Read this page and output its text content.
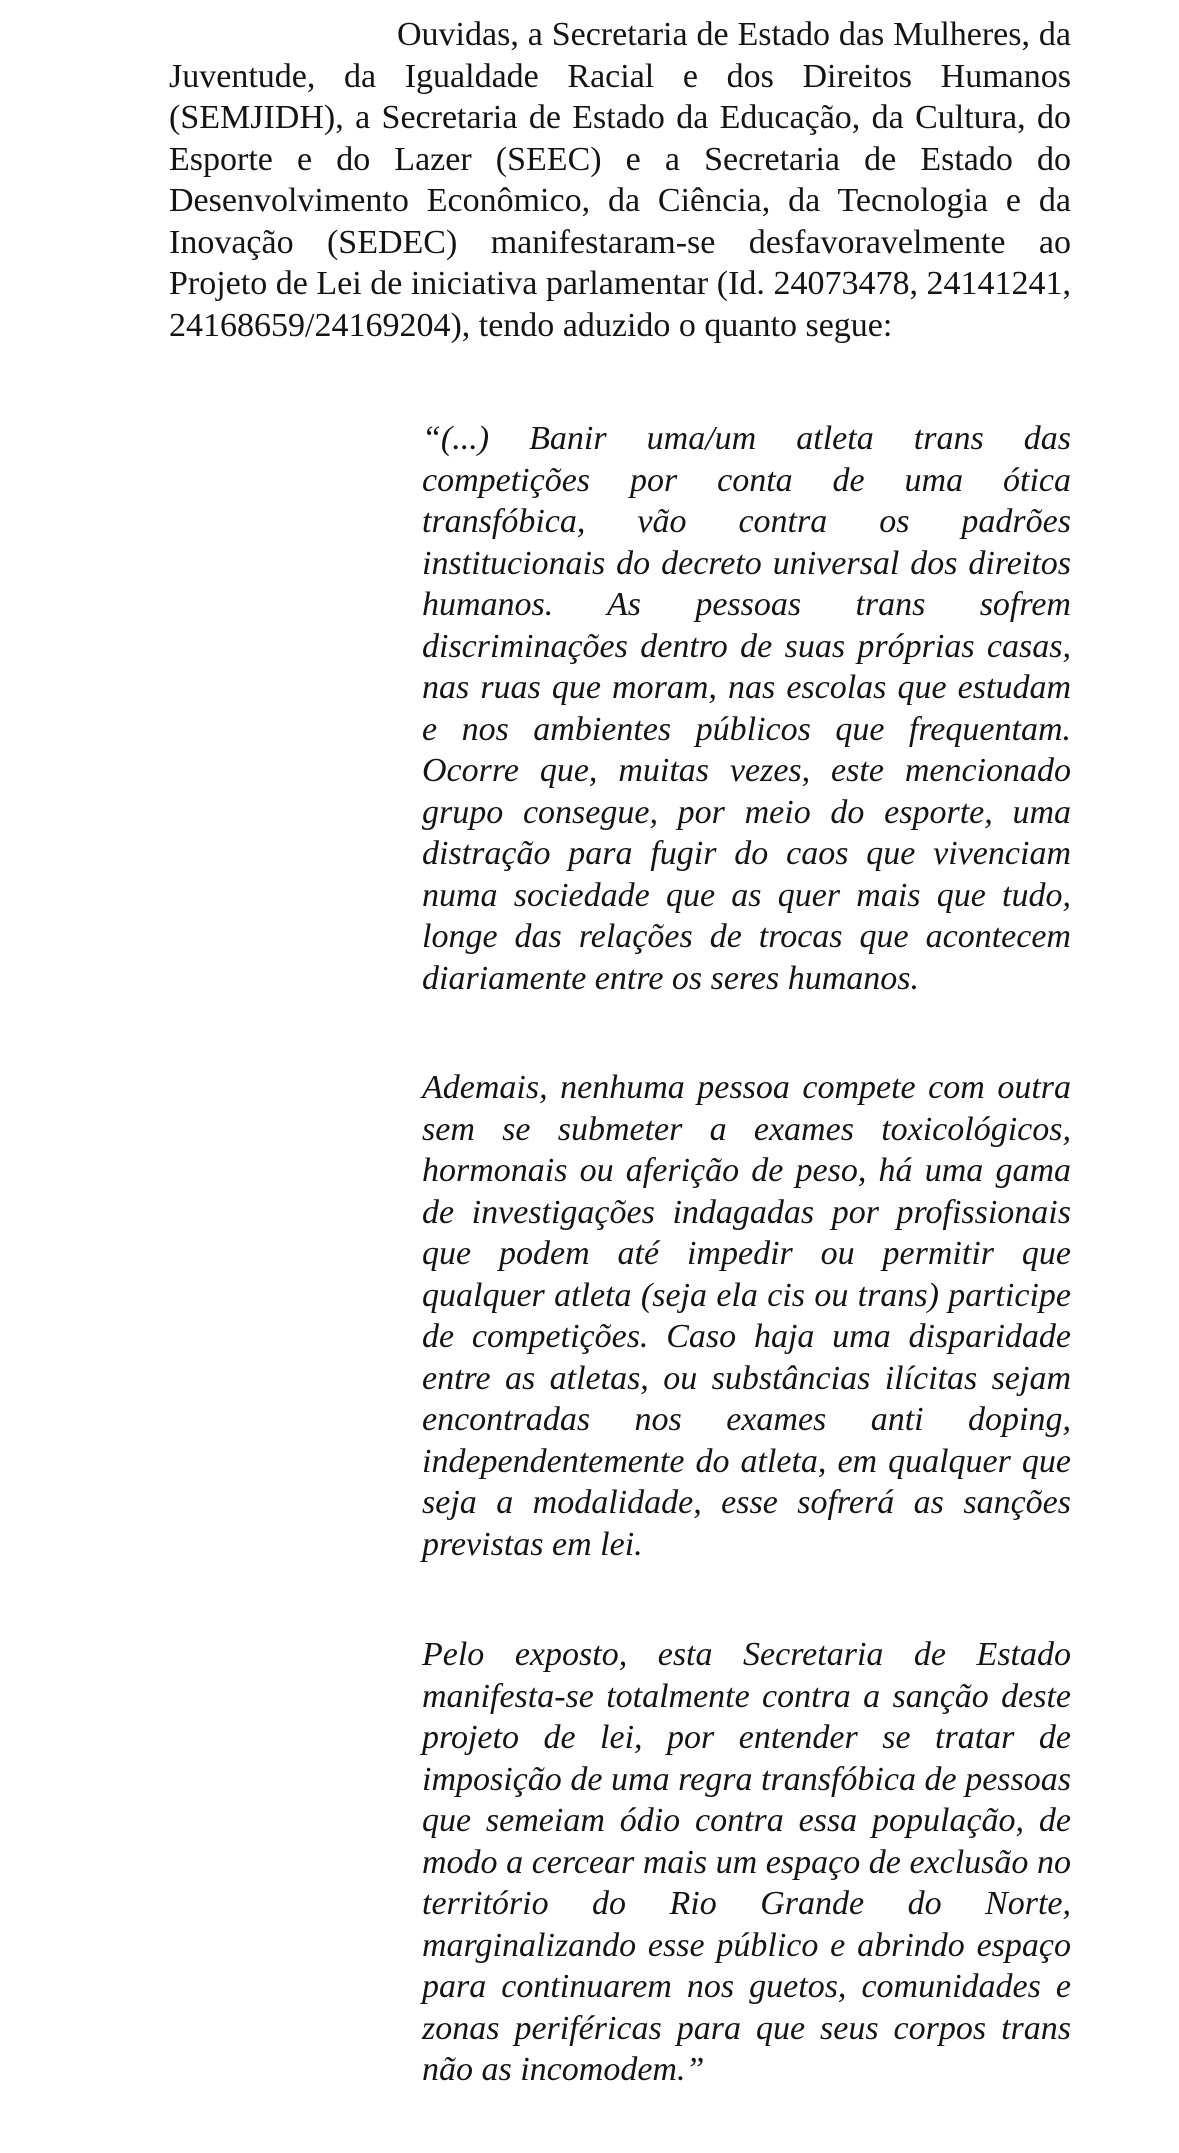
Ouvidas, a Secretaria de Estado das Mulheres, da Juventude, da Igualdade Racial e dos Direitos Humanos (SEMJIDH), a Secretaria de Estado da Educação, da Cultura, do Esporte e do Lazer (SEEC) e a Secretaria de Estado do Desenvolvimento Econômico, da Ciência, da Tecnologia e da Inovação (SEDEC) manifestaram-se desfavoravelmente ao Projeto de Lei de iniciativa parlamentar (Id. 24073478, 24141241, 24168659/24169204), tendo aduzido o quanto segue:

“(...) Banir uma/um atleta trans das competições por conta de uma ótica transfóbica, vão contra os padrões institucionais do decreto universal dos direitos humanos. As pessoas trans sofrem discriminações dentro de suas próprias casas, nas ruas que moram, nas escolas que estudam e nos ambientes públicos que frequentam. Ocorre que, muitas vezes, este mencionado grupo consegue, por meio do esporte, uma distração para fugir do caos que vivenciam numa sociedade que as quer mais que tudo, longe das relações de trocas que acontecem diariamente entre os seres humanos.

Ademais, nenhuma pessoa compete com outra sem se submeter a exames toxicológicos, hormonais ou aferição de peso, há uma gama de investigações indagadas por profissionais que podem até impedir ou permitir que qualquer atleta (seja ela cis ou trans) participe de competições. Caso haja uma disparidade entre as atletas, ou substâncias ilícitas sejam encontradas nos exames anti doping, independentemente do atleta, em qualquer que seja a modalidade, esse sofrerá as sanções previstas em lei.

Pelo exposto, esta Secretaria de Estado manifesta-se totalmente contra a sanção deste projeto de lei, por entender se tratar de imposição de uma regra transfóbica de pessoas que semeiam ódio contra essa população, de modo a cercear mais um espaço de exclusão no território do Rio Grande do Norte, marginalizando esse público e abrindo espaço para continuarem nos guetos, comunidades e zonas periféricas para que seus corpos trans não as incomodem.”
